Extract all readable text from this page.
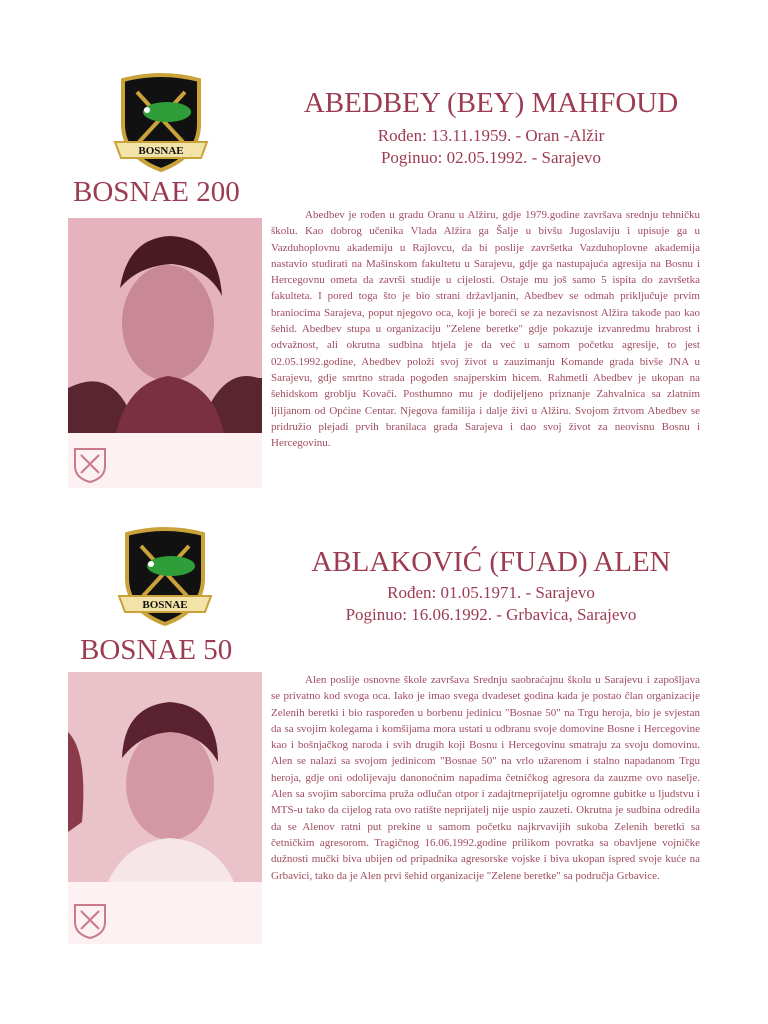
BOSNAE
BOSNAE 200
ABEDBEY (BEY) MAHFOUD
Rođen: 13.11.1959. - Oran -Alžir
Poginuo: 02.05.1992. - Sarajevo

Abedbev je rođen u gradu Oranu u Alžiru, gdje 1979.godine završava srednju tehničku školu. Kao dobrog učenika Vlada Alžira ga Šalje u bivšu Jugoslaviju i upisuje ga u Vazduhoplovnu akademiju u Rajlovcu, da bi poslije završetka Vazduhoplovne akademija nastavio studirati na Mašinskom fakultetu u Sarajevu, gdje ga nastupajuća agresija na Bosnu i Hercegovnu ometa da završi studije u cijelosti. Ostaje mu još samo 5 ispita do završetka fakulteta. I pored toga što je bio strani državljanin, Abedbev se odmah priključuje prvim braniocima Sarajeva, poput njegovo oca, koji je boreći se za nezavisnost Alžira takođe pao kao šehid. Abedbev stupa u organizaciju "Zelene beretke" gdje pokazuje izvanredmu hrabrost i odvažnost, ali okrutna sudbina htjela je da već u samom početku agresije, to jest 02.05.1992.godine, Abedbev položi svoj život u zauzimanju Komande grada bivše JNA u Sarajevu, gdje smrtno strada pogođen snajperskim hicem. Rahmetli Abedbev je ukopan na šehidskom groblju Kovači. Posthumno mu je dodijeljeno priznanje Zahvalnica sa zlatnim ljiljanom od Općine Centar. Njegova familija i dalje živi u Alžiru. Svojom žrtvom Abedbev se pridružio plejadi prvih branilaca grada Sarajeva i dao svoj život za neovisnu Bosnu i Hercegovinu.

BOSNAE
BOSNAE 50
ABLAKOVIĆ (FUAD) ALEN
Rođen: 01.05.1971. - Sarajevo
Poginuo: 16.06.1992. - Grbavica, Sarajevo

Alen poslije osnovne škole završava Srednju saobraćajnu školu u Sarajevu i zapošljava se privatno kod svoga oca. Iako je imao svega dvadeset godina kada je postao član organizacije Zelenih beretki i bio raspoređen u borbenu jedinicu "Bosnae 50" na Trgu heroja, bio je svjestan da sa svojim kolegama i komšijama mora ustati u odbranu svoje domovine Bosne i Hercegovine kao i bošnjačkog naroda i svih drugih koji Bosnu i Hercegovinu smatraju za svoju domovinu. Alen se nalazi sa svojom jedinicom "Bosnae 50" na vrlo užarenom i stalno napadanom Trgu heroja, gdje oni odolijevaju danonoćnim napadima četničkog agresora da zauzme ovo naselje. Alen sa svojim saborcima pruža odlučan otpor i zadajtrneprijatelju ogromne gubitke u ljudstvu i MTS-u tako da cijelog rata ovo ratište neprijatelj nije uspio zauzeti. Okrutna je sudbina odredila da se Alenov ratni put prekine u samom početku najkrvavijih sukoba Zelenih beretki sa četničkim agresorom. Tragičnog 16.06.1992.godine prilikom povratka sa obavljene vojničke dužnosti mučki biva ubijen od pripadnika agresorske vojske i biva ukopan ispred svoje kuće na Grbavici, tako da je Alen prvi šehid organizacije "Zelene beretke" sa područja Grbavice.
